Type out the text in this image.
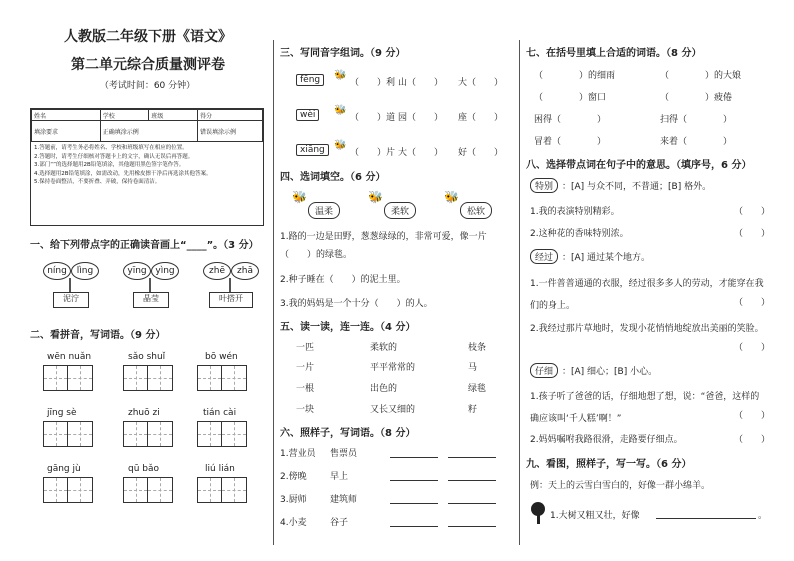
人教版二年级下册《语文》
第二单元综合质量测评卷
（考试时间：60 分钟）
姓名	学校	班级	得分
填涂要求	正确填涂示例		错误填涂示例
1.答题前，请考生务必将姓名、学校和班级填写在相应的位置。
2.答题时，请考生仔细核对答题卡上的文字，确认无误后再答题。
3.部门“”的选择题用2B铅笔填涂，其他题用黑色签字笔作答。
4.选择题用2B铅笔填涂，如需改动，先用橡皮擦干净后再选涂其他答案。
5.保持卷面整洁，不要折叠、弄破，保持卷面清洁。
一、给下列带点字的正确读音画上“____”。（3 分）
níng	lìng
泥泞
yīng yìng
晶莹
zhē	zhā
叶搭开
二、看拼音，写词语。（9 分）
wēn nuǎn	sǎo shuǐ	bō wén
jīng sè	zhuō zi	tián cài
gāng jù	qū bǎo	liú lián
三、写同音字组词。（9 分）
fēng	🐝
（　　）利 山（　　） 大（　　）
wèi	🐝
（　　）道 园（　　） 座（　　）
xiāng 🐝
（　　）片 大（　　） 好（　　）
四、选词填空。（6 分）
🐝
温柔
🐝
柔软
🐝
松软
1.路的一边是田野，葱葱绿绿的，非常可爱，像一片（　　）的绿毯。
2.种子睡在（　　）的泥土里。
3.我的妈妈是一个十分（　　）的人。
五、读一读，连一连。（4 分）
一匹	柔软的	枝条
一片	平平常常的	马
一根	出色的	绿毯
一块	又长又细的	籽
六、照样子，写词语。（8 分）
1.营业员 售票员
2.傍晚	早上
3.厨师	建筑师
4.小麦	谷子
七、在括号里填上合适的词语。（8 分）
（　　　　）的细雨	（　　　　）的大娘
（　　　　）窗口	（　　　　）疲倦
困得（　　　　）	扫得（　　　　）
冒着（　　　　）	来着（　　　　）
八、选择带点词在句子中的意思。（填序号，6 分）
特别 ：[A] 与众不同，不普通；[B] 格外。
1.我的表演特别精彩。	（　　）
2.这种花的香味特别浓。	（　　）
经过 ：[A] 通过某个地方。
1.一件普普通通的衣服，经过很多多人的劳动，才能穿在我们的身上。	（　　）
2.我经过那片草地时，发现小花悄悄地绽放出美丽的笑脸。
（　　）
仔细 ：[A] 细心；[B] 小心。
1.孩子听了爸爸的话，仔细地想了想，说：“爸爸，这样的确应该叫‘千人糕’啊！”	（　　）
2.妈妈嘱咐我路很滑，走路要仔细点。	（　　）
九、看图，照样子，写一写。（6 分）
例：天上的云雪白雪白的，好像一群小绵羊。
1.大树又粗又壮，好像	。
